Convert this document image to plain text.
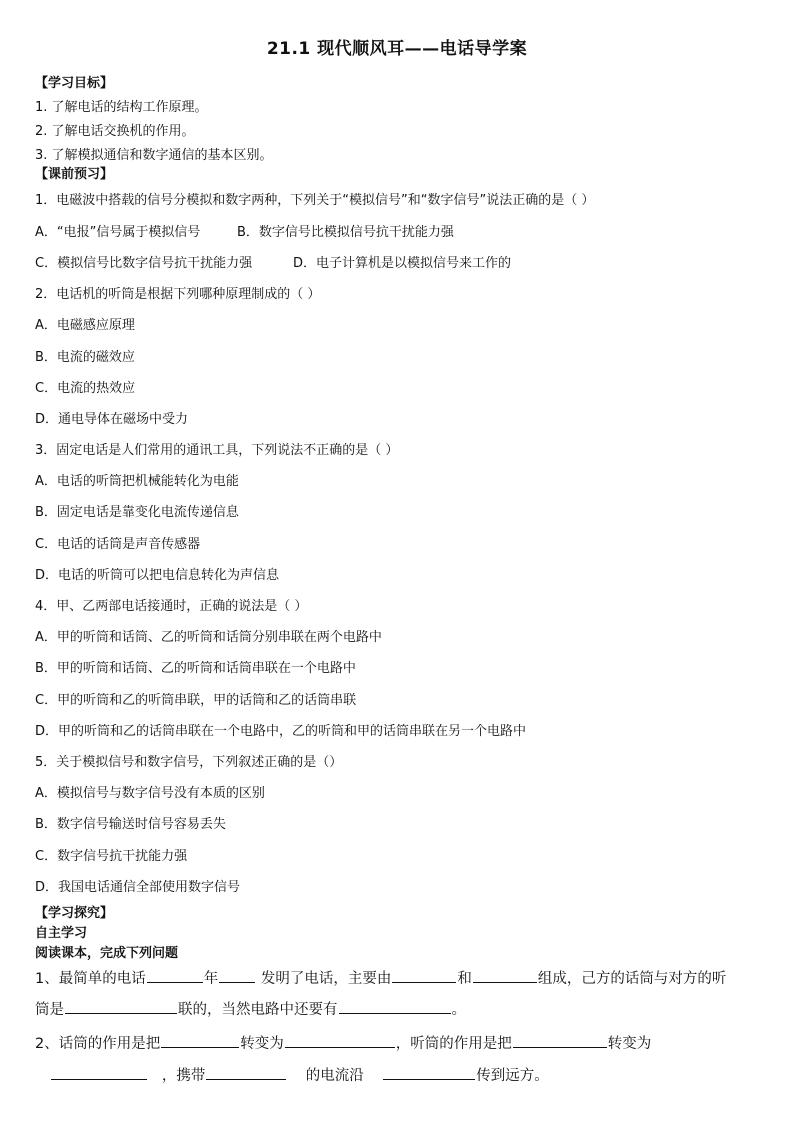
21.1 现代顺风耳——电话导学案
【学习目标】
1. 了解电话的结构工作原理。
2. 了解电话交换机的作用。
3. 了解模拟通信和数字通信的基本区别。
【课前预习】
1．电磁波中搭载的信号分模拟和数字两种，下列关于“模拟信号”和“数字信号”说法正确的是（ ）
A．“电报”信号属于模拟信号	B．数字信号比模拟信号抗干扰能力强
C．模拟信号比数字信号抗干扰能力强	D．电子计算机是以模拟信号来工作的
2．电话机的听筒是根据下列哪种原理制成的（ ）
A．电磁感应原理
B．电流的磁效应
C．电流的热效应
D．通电导体在磁场中受力
3．固定电话是人们常用的通讯工具，下列说法不正确的是（ ）
A．电话的听筒把机械能转化为电能
B．固定电话是靠变化电流传递信息
C．电话的话筒是声音传感器
D．电话的听筒可以把电信息转化为声信息
4．甲、乙两部电话接通时，正确的说法是（ ）
A．甲的听筒和话筒、乙的听筒和话筒分别串联在两个电路中
B．甲的听筒和话筒、乙的听筒和话筒串联在一个电路中
C．甲的听筒和乙的听筒串联，甲的话筒和乙的话筒串联
D．甲的听筒和乙的话筒串联在一个电路中，乙的听筒和甲的话筒串联在另一个电路中
5．关于模拟信号和数字信号，下列叙述正确的是（）
A．模拟信号与数字信号没有本质的区别
B．数字信号输送时信号容易丢失
C．数字信号抗干扰能力强
D．我国电话通信全部使用数字信号
【学习探究】
自主学习
阅读课本，完成下列问题
1、最简单的电话	年	发明了电话，主要由	和	组成，己方的话筒与对方的听
筒是	联的，当然电路中还要有	。
2、话筒的作用是把	转变为	，听筒的作用是把	转变为
，携带	的电流沿	传到远方。
